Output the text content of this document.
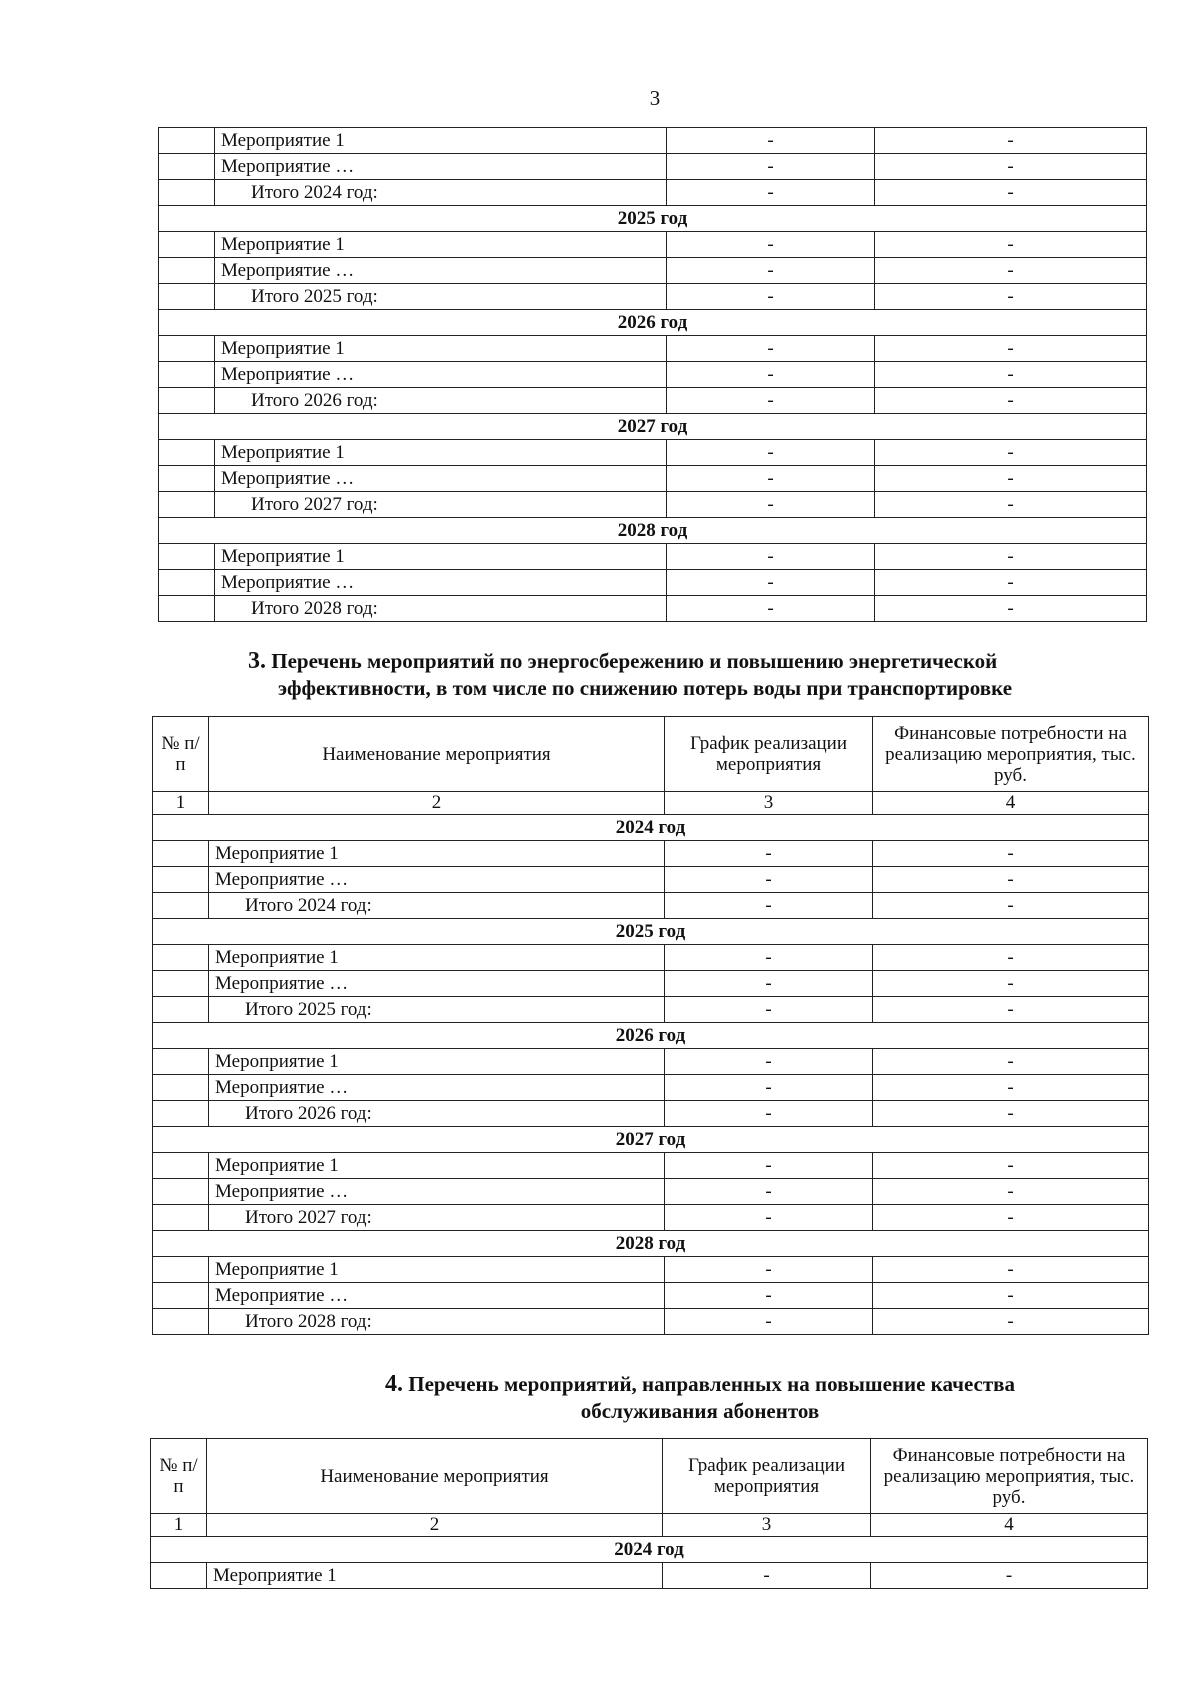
3
	Мероприятие 1	-	-
	Мероприятие …	-	-
	Итого 2024 год:	-	-
2025 год			
	Мероприятие 1	-	-
	Мероприятие …	-	-
	Итого 2025 год:	-	-
2026 год			
	Мероприятие 1	-	-
	Мероприятие …	-	-
	Итого 2026 год:	-	-
2027 год			
	Мероприятие 1	-	-
	Мероприятие …	-	-
	Итого 2027 год:	-	-
2028 год			
	Мероприятие 1	-	-
	Мероприятие …	-	-
	Итого 2028 год:	-	-
3. Перечень мероприятий по энергосбережению и повышению энергетической
эффективности, в том числе по снижению потерь воды при транспортировке
№ п/п	Наименование мероприятия	График реализации мероприятия	Финансовые потребности на реализацию мероприятия, тыс. руб.
1	2	3	4
2024 год			
	Мероприятие 1	-	-
	Мероприятие …	-	-
	Итого 2024 год:	-	-
2025 год			
	Мероприятие 1	-	-
	Мероприятие …	-	-
	Итого 2025 год:	-	-
2026 год			
	Мероприятие 1	-	-
	Мероприятие …	-	-
	Итого 2026 год:	-	-
2027 год			
	Мероприятие 1	-	-
	Мероприятие …	-	-
	Итого 2027 год:	-	-
2028 год			
	Мероприятие 1	-	-
	Мероприятие …	-	-
	Итого 2028 год:	-	-
4. Перечень мероприятий, направленных на повышение качества
обслуживания абонентов
№ п/п	Наименование мероприятия	График реализации мероприятия	Финансовые потребности на реализацию мероприятия, тыс. руб.
1	2	3	4
2024 год			
	Мероприятие 1	-	-
